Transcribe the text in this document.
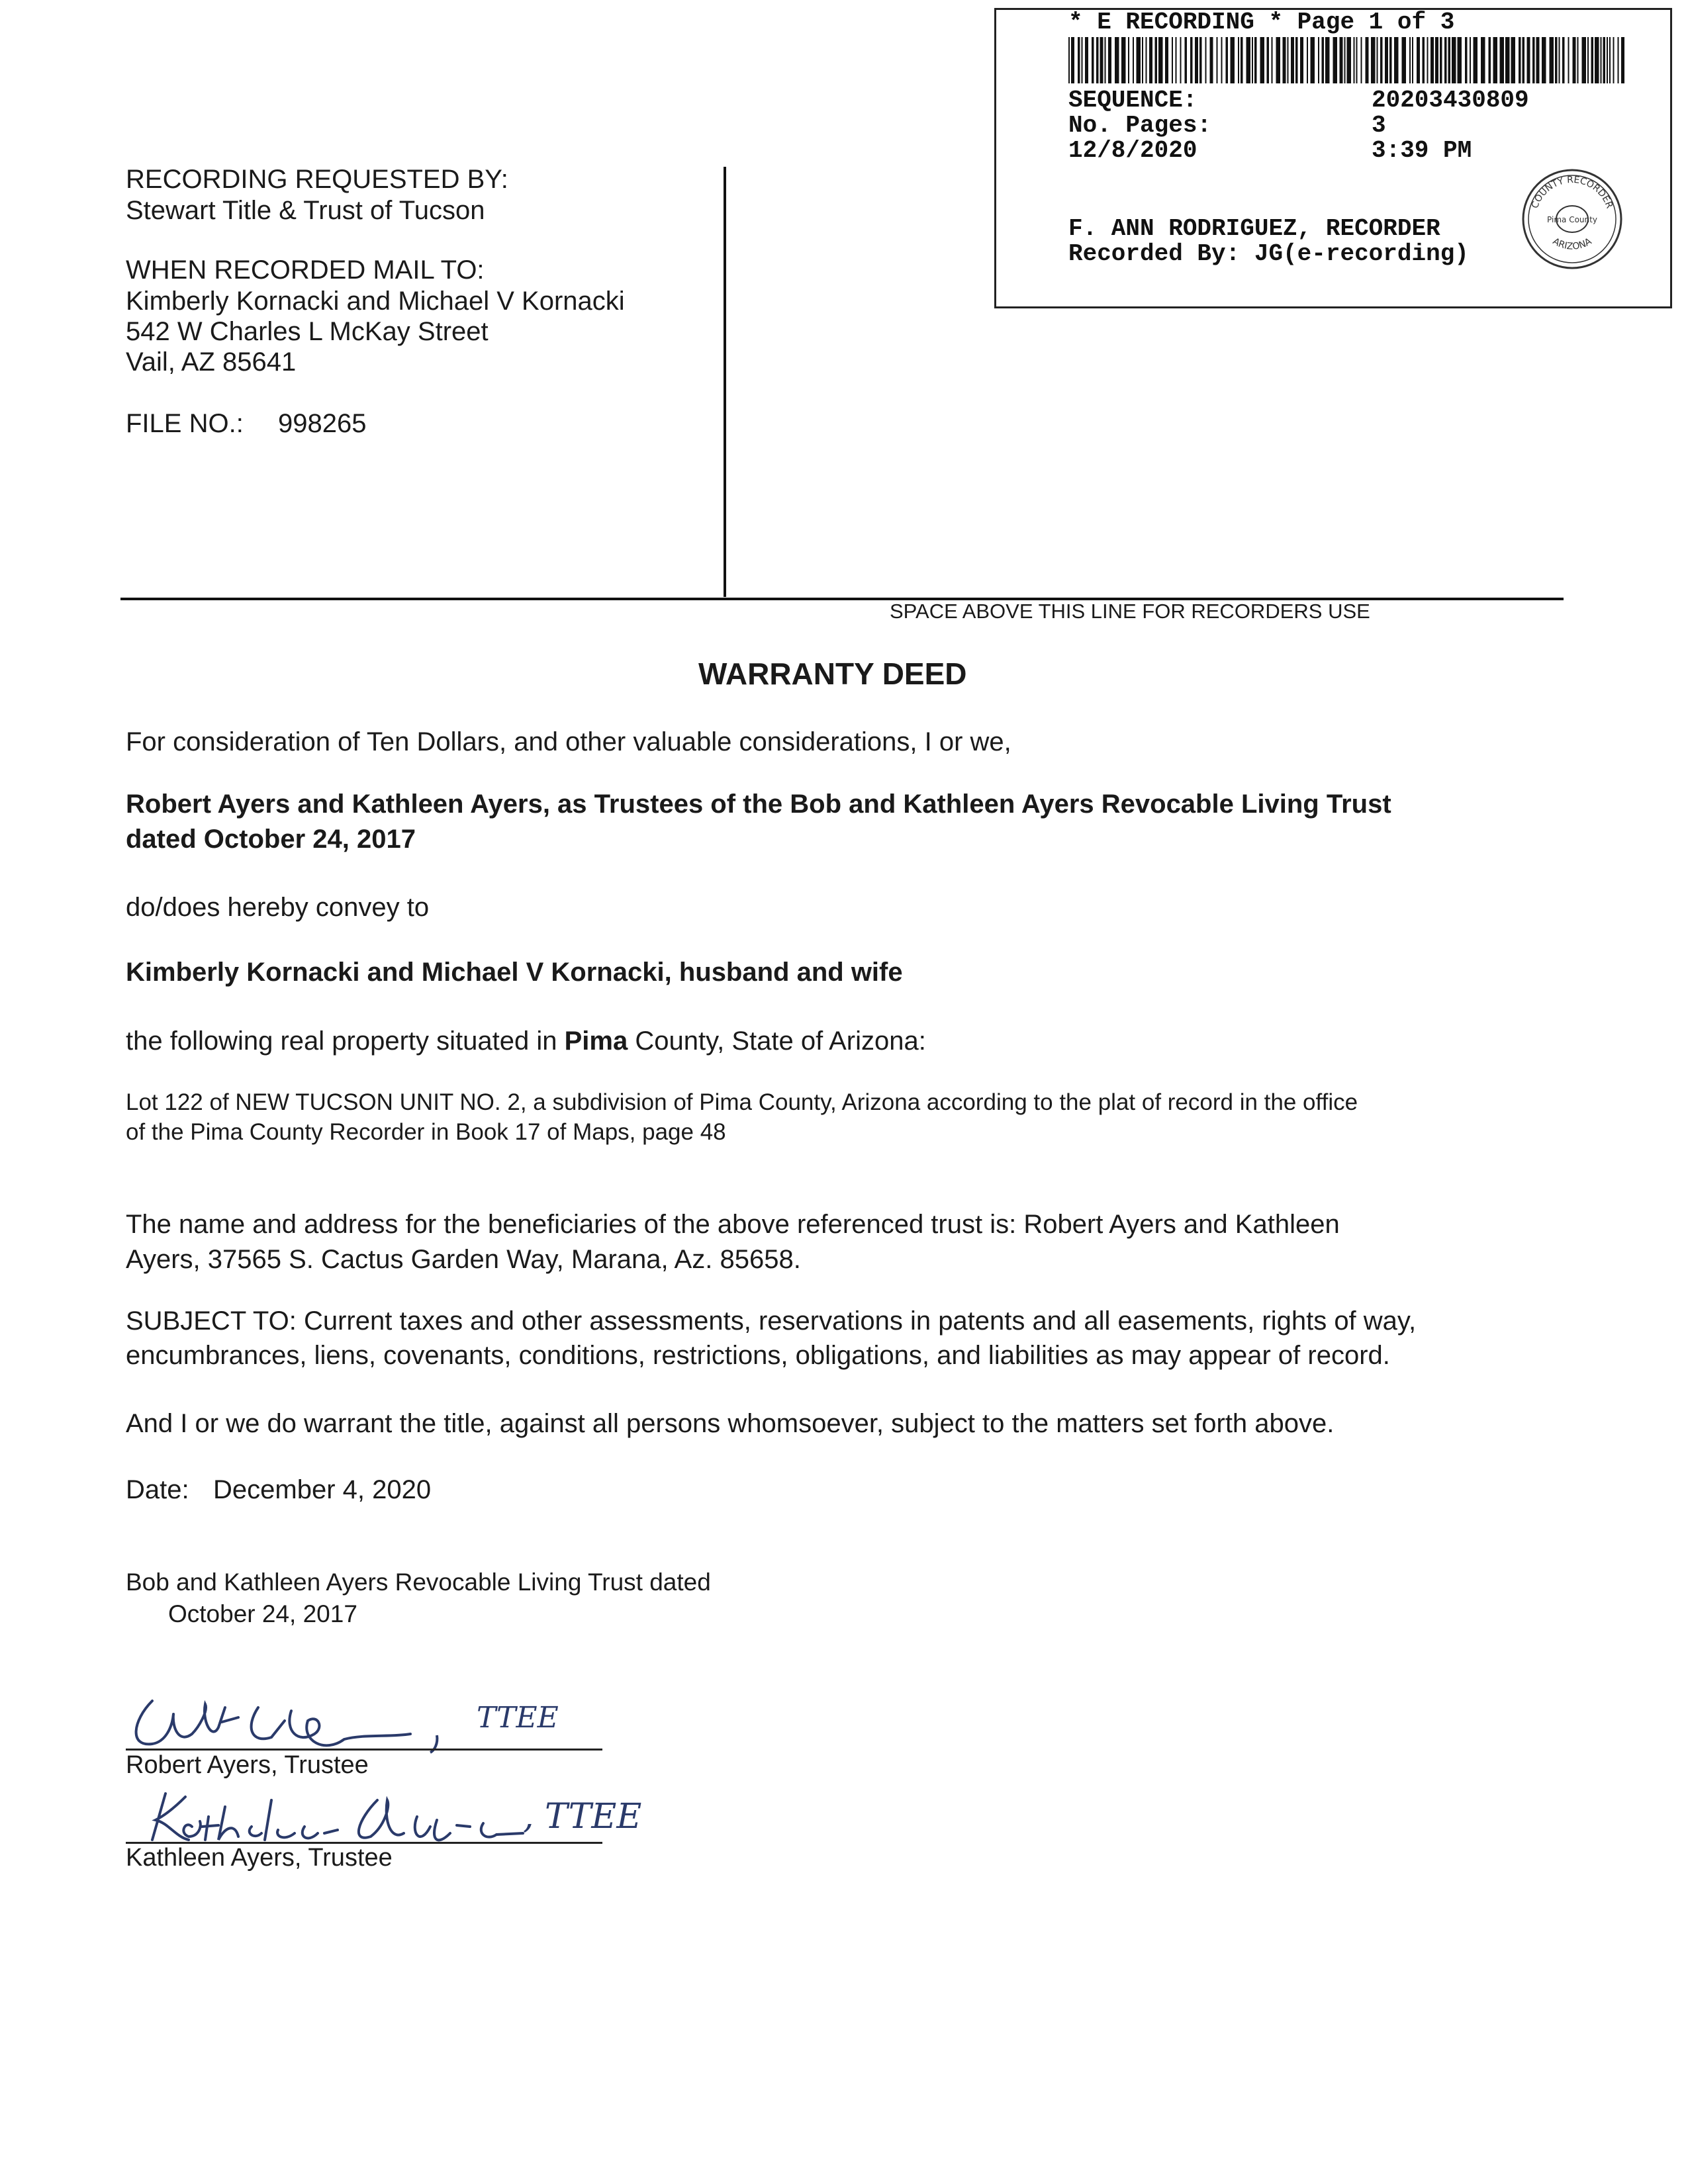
* E RECORDING * Page 1 of 3
SEQUENCE:	20203430809
No. Pages:	3
12/8/2020	3:39 PM
F. ANN RODRIGUEZ, RECORDER
Recorded By: JG(e-recording)
COUNTY RECORDER
Pima County
ARIZONA
RECORDING REQUESTED BY:
Stewart Title & Trust of Tucson
WHEN RECORDED MAIL TO:
Kimberly Kornacki and Michael V Kornacki
542 W Charles L McKay Street
Vail, AZ 85641
FILE NO.: 998265
SPACE ABOVE THIS LINE FOR RECORDERS USE
WARRANTY DEED
For consideration of Ten Dollars, and other valuable considerations, I or we,
Robert Ayers and Kathleen Ayers, as Trustees of the Bob and Kathleen Ayers Revocable Living Trust
dated October 24, 2017
do/does hereby convey to
Kimberly Kornacki and Michael V Kornacki, husband and wife
the following real property situated in Pima County, State of Arizona:
Lot 122 of NEW TUCSON UNIT NO. 2, a subdivision of Pima County, Arizona according to the plat of record in the office
of the Pima County Recorder in Book 17 of Maps, page 48
The name and address for the beneficiaries of the above referenced trust is: Robert Ayers and Kathleen
Ayers, 37565 S. Cactus Garden Way, Marana, Az. 85658.
SUBJECT TO: Current taxes and other assessments, reservations in patents and all easements, rights of way,
encumbrances, liens, covenants, conditions, restrictions, obligations, and liabilities as may appear of record.
And I or we do warrant the title, against all persons whomsoever, subject to the matters set forth above.
Date: December 4, 2020
Bob and Kathleen Ayers Revocable Living Trust dated
October 24, 2017
TTEE
Robert Ayers, Trustee
, TTEE
Kathleen Ayers, Trustee
